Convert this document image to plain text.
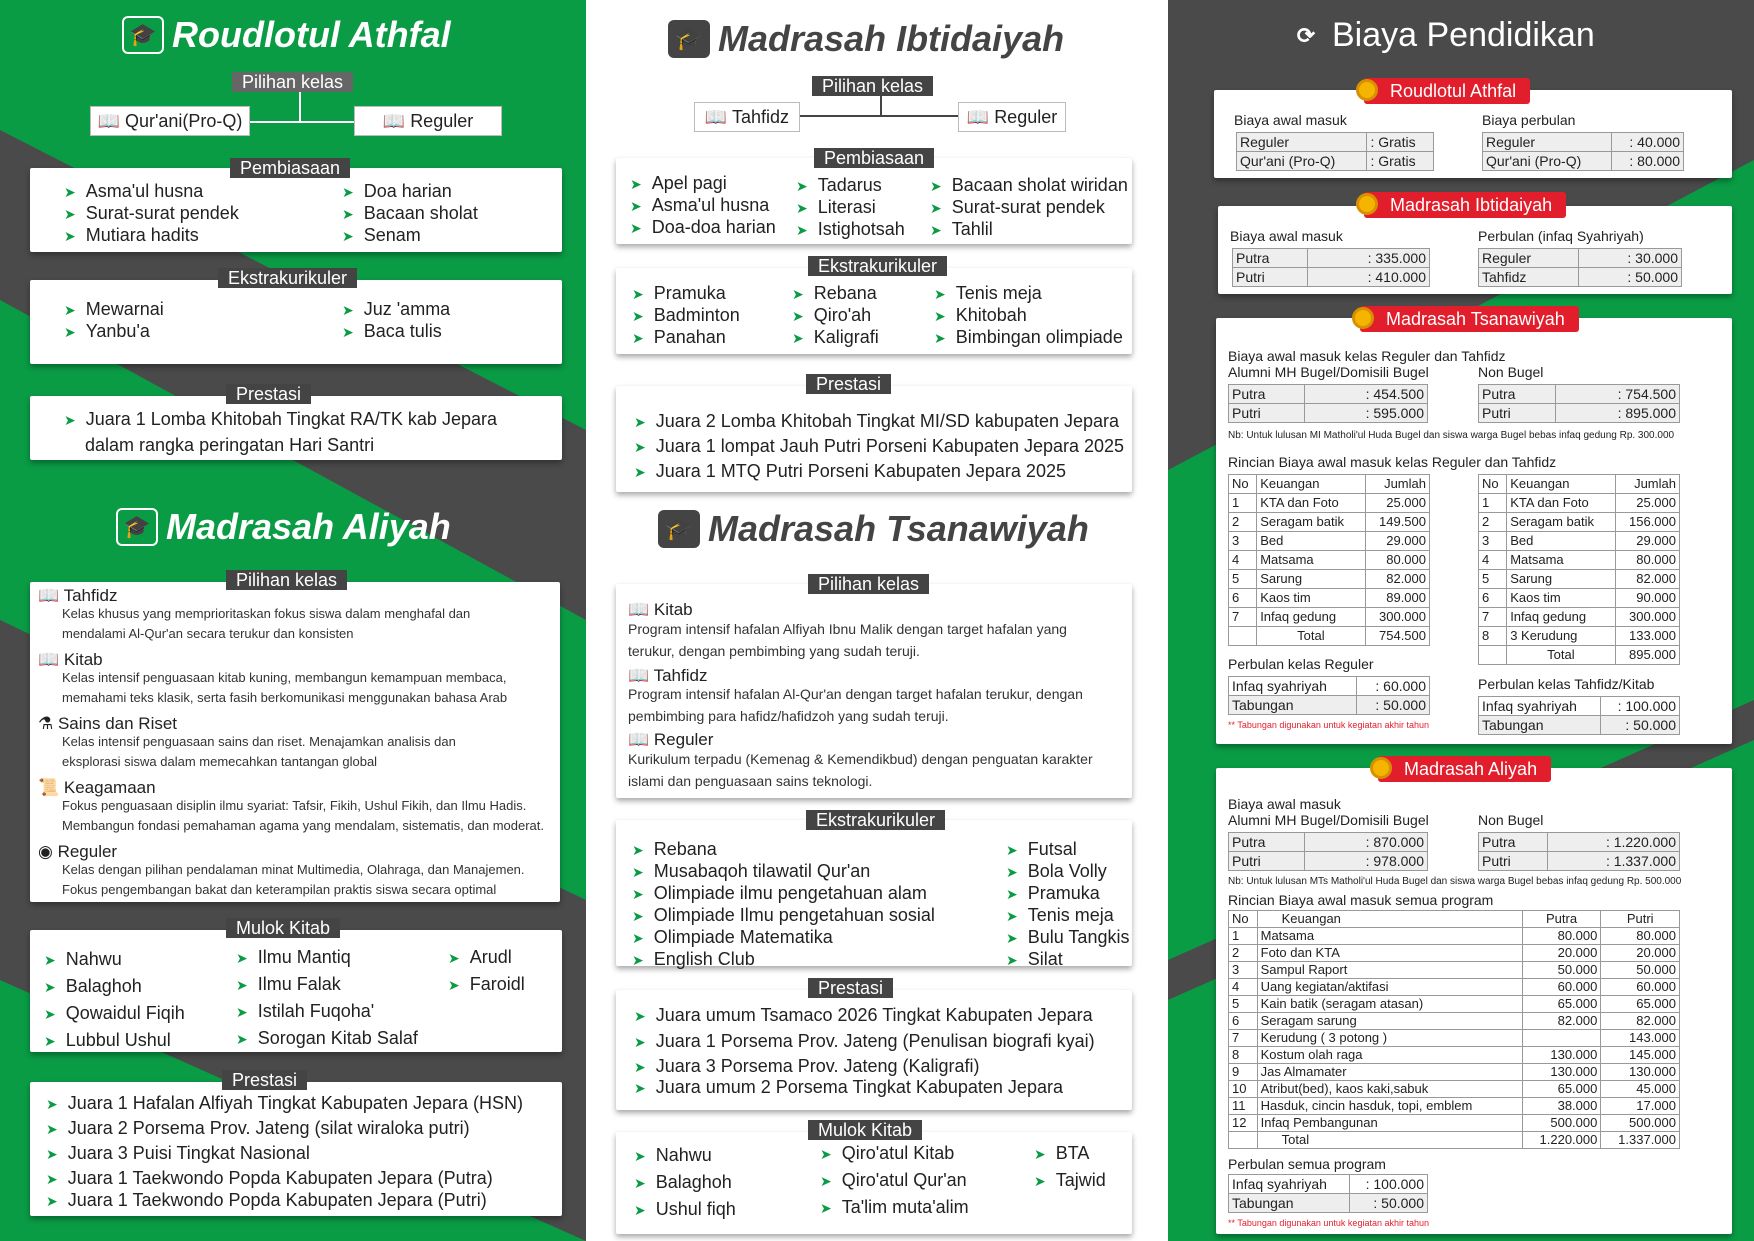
🎓 Roudlotul Athfal
Pilihan kelas
📖 Qur'ani(Pro-Q)	📖 Reguler
➤ Asma'ul husna
➤ Surat-surat pendek
➤ Mutiara hadits
➤ Doa harian
➤ Bacaan sholat
➤ Senam
Pembiasaan
➤ Mewarnai
➤ Yanbu'a
➤ Juz 'amma
➤ Baca tulis
Ekstrakurikuler
➤ Juara 1 Lomba Khitobah Tingkat RA/TK kab Jepara
dalam rangka peringatan Hari Santri
Prestasi
🎓 Madrasah Aliyah
📖 Tahfidz
Kelas khusus yang memprioritaskan fokus siswa dalam menghafal dan
mendalami Al-Qur'an secara terukur dan konsisten
📖 Kitab
Kelas intensif penguasaan kitab kuning, membangun kemampuan membaca,
memahami teks klasik, serta fasih berkomunikasi menggunakan bahasa Arab
⚗ Sains dan Riset
Kelas intensif penguasaan sains dan riset. Menajamkan analisis dan
eksplorasi siswa dalam memecahkan tantangan global
📜 Keagamaan
Fokus penguasaan disiplin ilmu syariat: Tafsir, Fikih, Ushul Fikih, dan Ilmu Hadis.
Membangun fondasi pemahaman agama yang mendalam, sistematis, dan moderat.
◉ Reguler
Kelas dengan pilihan pendalaman minat Multimedia, Olahraga, dan Manajemen.
Fokus pengembangan bakat dan keterampilan praktis siswa secara optimal
Pilihan kelas
➤ Nahwu
➤ Balaghoh
➤ Qowaidul Fiqih
➤ Lubbul Ushul
➤ Ilmu Mantiq
➤ Ilmu Falak
➤ Istilah Fuqoha'
➤ Sorogan Kitab Salaf
➤ Arudl
➤ Faroidl
Mulok Kitab
➤ Juara 1 Hafalan Alfiyah Tingkat Kabupaten Jepara (HSN)
➤ Juara 2 Porsema Prov. Jateng (silat wiraloka putri)
➤ Juara 3 Puisi Tingkat Nasional
➤ Juara 1 Taekwondo Popda Kabupaten Jepara (Putra)
➤ Juara 1 Taekwondo Popda Kabupaten Jepara (Putri)
Prestasi
🎓 Madrasah Ibtidaiyah
Pilihan kelas
📖 Tahfidz	📖 Reguler
➤ Apel pagi
➤ Asma'ul husna
➤ Doa-doa harian
➤ Tadarus
➤ Literasi
➤ Istighotsah
➤ Bacaan sholat wiridan
➤ Surat-surat pendek
➤ Tahlil
Pembiasaan
➤ Pramuka
➤ Badminton
➤ Panahan
➤ Rebana
➤ Qiro'ah
➤ Kaligrafi
➤ Tenis meja
➤ Khitobah
➤ Bimbingan olimpiade
Ekstrakurikuler
➤ Juara 2 Lomba Khitobah Tingkat MI/SD kabupaten Jepara
➤ Juara 1 lompat Jauh Putri Porseni Kabupaten Jepara 2025
➤ Juara 1 MTQ Putri Porseni Kabupaten Jepara 2025
Prestasi
🎓 Madrasah Tsanawiyah
📖 Kitab
Program intensif hafalan Alfiyah Ibnu Malik dengan target hafalan yang
terukur, dengan pembimbing yang sudah teruji.
📖 Tahfidz
Program intensif hafalan Al-Qur'an dengan target hafalan terukur, dengan
pembimbing para hafidz/hafidzoh yang sudah teruji.
📖 Reguler
Kurikulum terpadu (Kemenag & Kemendikbud) dengan penguatan karakter
islami dan penguasaan sains teknologi.
Pilihan kelas
➤ Rebana
➤ Musabaqoh tilawatil Qur'an
➤ Olimpiade ilmu pengetahuan alam
➤ Olimpiade Ilmu pengetahuan sosial
➤ Olimpiade Matematika
➤ English Club
➤ Futsal
➤ Bola Volly
➤ Pramuka
➤ Tenis meja
➤ Bulu Tangkis
➤ Silat
Ekstrakurikuler
➤ Juara umum Tsamaco 2026 Tingkat Kabupaten Jepara
➤ Juara 1 Porsema Prov. Jateng (Penulisan biografi kyai)
➤ Juara 3 Porsema Prov. Jateng (Kaligrafi)
➤ Juara umum 2 Porsema Tingkat Kabupaten Jepara
Prestasi
➤ Nahwu
➤ Balaghoh
➤ Ushul fiqh
➤ Qiro'atul Kitab
➤ Qiro'atul Qur'an
➤ Ta'lim muta'alim
➤ BTA
➤ Tajwid
Mulok Kitab
⟳ Biaya Pendidikan
Biaya awal masuk	Biaya perbulan
Reguler	: Gratis
Qur'ani (Pro-Q)	: Gratis
Reguler	: 40.000
Qur'ani (Pro-Q)	: 80.000
Roudlotul Athfal
Biaya awal masuk	Perbulan (infaq Syahriyah)
Putra	: 335.000
Putri	: 410.000
Reguler	: 30.000
Tahfidz	: 50.000
Madrasah Ibtidaiyah
Biaya awal masuk kelas Reguler dan Tahfidz
Alumni MH Bugel/Domisili Bugel	Non Bugel
Putra	: 454.500
Putri	: 595.000
Putra	: 754.500
Putri	: 895.000
Nb: Untuk lulusan MI Matholi'ul Huda Bugel dan siswa warga Bugel bebas infaq gedung Rp. 300.000
Rincian Biaya awal masuk kelas Reguler dan Tahfidz
No	Keuangan	Jumlah
1	KTA dan Foto	25.000
2	Seragam batik	149.500
3	Bed	29.000
4	Matsama	80.000
5	Sarung	82.000
6	Kaos tim	89.000
7	Infaq gedung	300.000
	Total	754.500
No	Keuangan	Jumlah
1	KTA dan Foto	25.000
2	Seragam batik	156.000
3	Bed	29.000
4	Matsama	80.000
5	Sarung	82.000
6	Kaos tim	90.000
7	Infaq gedung	300.000
8	3 Kerudung	133.000
	Total	895.000
Perbulan kelas Reguler
Infaq syahriyah	: 60.000
Tabungan	: 50.000
** Tabungan digunakan untuk kegiatan akhir tahun
Perbulan kelas Tahfidz/Kitab
Infaq syahriyah	: 100.000
Tabungan	: 50.000
Madrasah Tsanawiyah
Biaya awal masuk
Alumni MH Bugel/Domisili Bugel	Non Bugel
Putra	: 870.000
Putri	: 978.000
Putra	: 1.220.000
Putri	: 1.337.000
Nb: Untuk lulusan MTs Matholi'ul Huda Bugel dan siswa warga Bugel bebas infaq gedung Rp. 500.000
Rincian Biaya awal masuk semua program
No	Keuangan	Putra	Putri
1	Matsama	80.000	80.000
2	Foto dan KTA	20.000	20.000
3	Sampul Raport	50.000	50.000
4	Uang kegiatan/aktifasi	60.000	60.000
5	Kain batik (seragam atasan)	65.000	65.000
6	Seragam sarung	82.000	82.000
7	Kerudung ( 3 potong )		143.000
8	Kostum olah raga	130.000	145.000
9	Jas Almamater	130.000	130.000
10	Atribut(bed), kaos kaki,sabuk	65.000	45.000
11	Hasduk, cincin hasduk, topi, emblem	38.000	17.000
12	Infaq Pembangunan	500.000	500.000
	Total	1.220.000	1.337.000
Perbulan semua program
Infaq syahriyah	: 100.000
Tabungan	: 50.000
** Tabungan digunakan untuk kegiatan akhir tahun
Madrasah Aliyah
